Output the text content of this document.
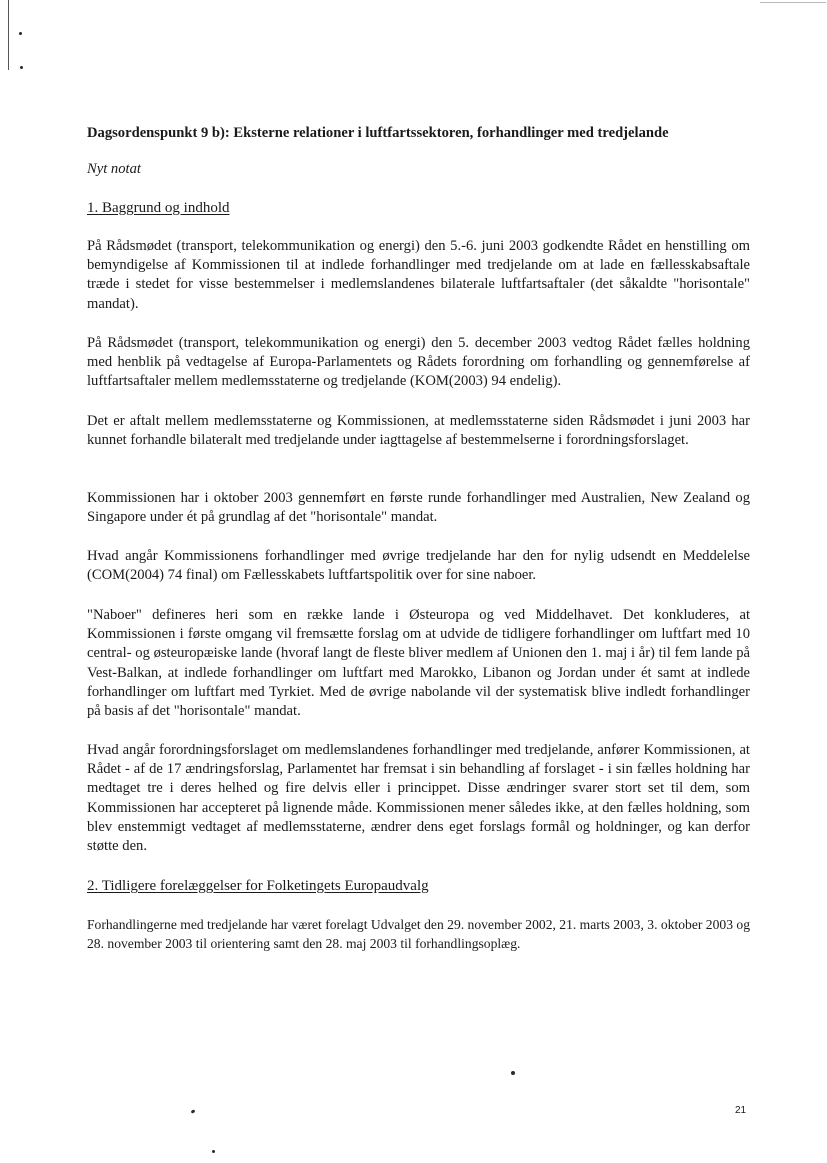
Dagsordenspunkt 9 b): Eksterne relationer i luftfartssektoren, forhandlinger med tredjelande
Nyt notat
1. Baggrund og indhold
På Rådsmødet (transport, telekommunikation og energi) den 5.-6. juni 2003 godkendte Rådet en henstilling om bemyndigelse af Kommissionen til at indlede forhandlinger med tredjelande om at lade en fællesskabsaftale træde i stedet for visse bestemmelser i medlemslandenes bilaterale luftfartsaftaler (det såkaldte "horisontale" mandat).
På Rådsmødet (transport, telekommunikation og energi) den 5. december 2003 vedtog Rådet fælles holdning med henblik på vedtagelse af Europa-Parlamentets og Rådets forordning om forhandling og gennemførelse af luftfartsaftaler mellem medlemsstaterne og tredjelande (KOM(2003) 94 endelig).
Det er aftalt mellem medlemsstaterne og Kommissionen, at medlemsstaterne siden Rådsmødet i juni 2003 har kunnet forhandle bilateralt med tredjelande under iagttagelse af bestemmelserne i forordningsforslaget.
Kommissionen har i oktober 2003 gennemført en første runde forhandlinger med Australien, New Zealand og Singapore under ét på grundlag af det "horisontale" mandat.
Hvad angår Kommissionens forhandlinger med øvrige tredjelande har den for nylig udsendt en Meddelelse (COM(2004) 74 final) om Fællesskabets luftfartspolitik over for sine naboer.
"Naboer" defineres heri som en række lande i Østeuropa og ved Middelhavet. Det konkluderes, at Kommissionen i første omgang vil fremsætte forslag om at udvide de tidligere forhandlinger om luftfart med 10 central- og østeuropæiske lande (hvoraf langt de fleste bliver medlem af Unionen den 1. maj i år) til fem lande på Vest-Balkan, at indlede forhandlinger om luftfart med Marokko, Libanon og Jordan under ét samt at indlede forhandlinger om luftfart med Tyrkiet. Med de øvrige nabolande vil der systematisk blive indledt forhandlinger på basis af det "horisontale" mandat.
Hvad angår forordningsforslaget om medlemslandenes forhandlinger med tredjelande, anfører Kommissionen, at Rådet - af de 17 ændringsforslag, Parlamentet har fremsat i sin behandling af forslaget - i sin fælles holdning har medtaget tre i deres helhed og fire delvis eller i princippet. Disse ændringer svarer stort set til dem, som Kommissionen har accepteret på lignende måde. Kommissionen mener således ikke, at den fælles holdning, som blev enstemmigt vedtaget af medlemsstaterne, ændrer dens eget forslags formål og holdninger, og kan derfor støtte den.
2. Tidligere forelæggelser for Folketingets Europaudvalg
Forhandlingerne med tredjelande har været forelagt Udvalget den 29. november 2002, 21. marts 2003, 3. oktober 2003 og 28. november 2003 til orientering samt den 28. maj 2003 til forhandlingsoplæg.
21
